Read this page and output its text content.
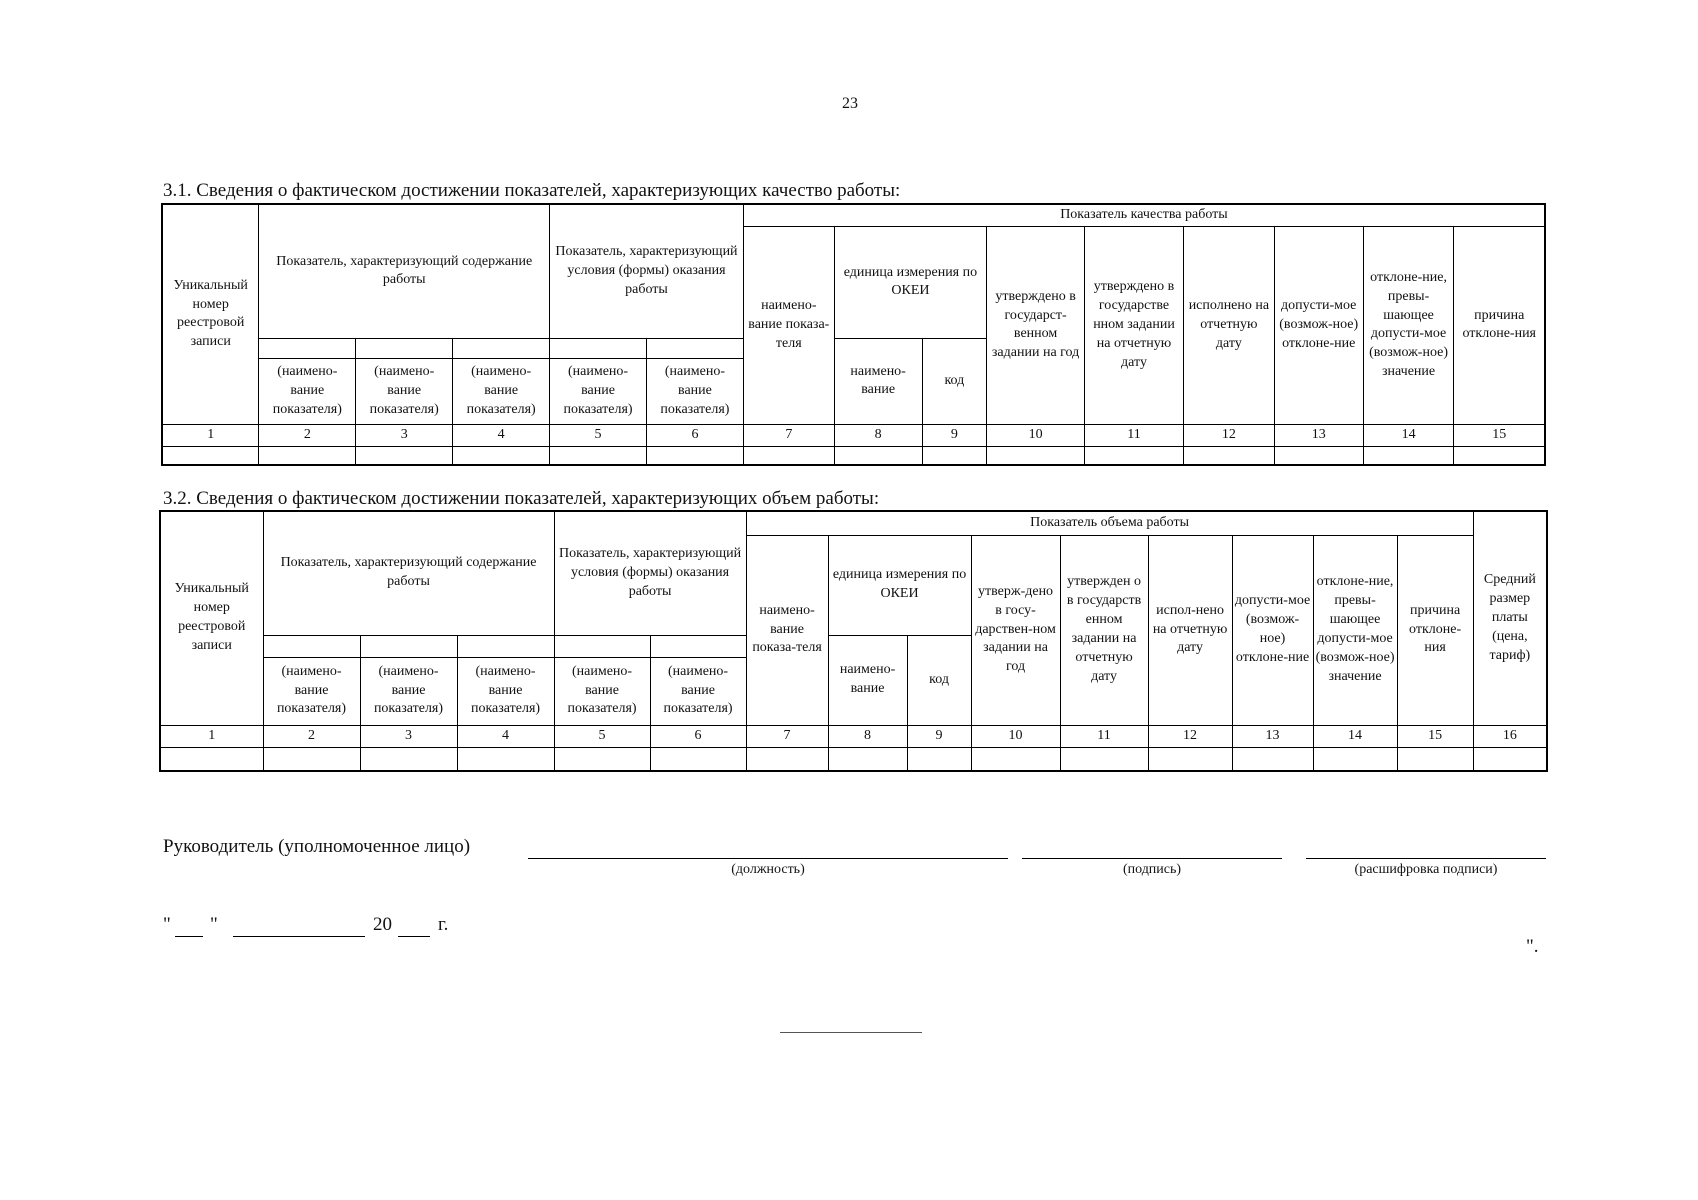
23
3.1. Сведения о фактическом достижении показателей, характеризующих качество работы:
Уникальный номер реестровой записи	Показатель, характеризующий содержание работы			Показатель, характеризующий условия (формы) оказания работы		Показатель качества работы								
						наимено-вание показа-теля	единица измерения по ОКЕИ		утверждено в государст-венном задании на год	утверждено в государстве нном задании на отчетную дату	исполнено на отчетную дату	допусти-мое (возмож-ное) отклоне-ние	отклоне-ние, превы-шающее допусти-мое (возмож-ное) значение	причина отклоне-ния
							наимено-вание	код						
	(наимено-вание показателя)	(наимено-вание показателя)	(наимено-вание показателя)	(наимено-вание показателя)	(наимено-вание показателя)									
1	2	3	4	5	6	7	8	9	10	11	12	13	14	15

3.2. Сведения о фактическом достижении показателей, характеризующих объем работы:
Уникальный номер реестровой записи	Показатель, характеризующий содержание работы			Показатель, характеризующий условия (формы) оказания работы		Показатель объема работы									Средний размер платы (цена, тариф)
						наимено-вание показа-теля	единица измерения по ОКЕИ		утверж-дено в госу-дарствен-ном задании на год	утвержден о в государств енном задании на отчетную дату	испол-нено на отчетную дату	допусти-мое (возмож-ное) отклоне-ние	отклоне-ние, превы-шающее допусти-мое (возмож-ное) значение	причина отклоне-ния	
							наимено-вание	код							
	(наимено-вание показателя)	(наимено-вание показателя)	(наимено-вание показателя)	(наимено-вание показателя)	(наимено-вание показателя)										
1	2	3	4	5	6	7	8	9	10	11	12	13	14	15	16

Руководитель (уполномоченное лицо)
(должность)	(подпись)	(расшифровка подписи)
" "	20 г.
".
